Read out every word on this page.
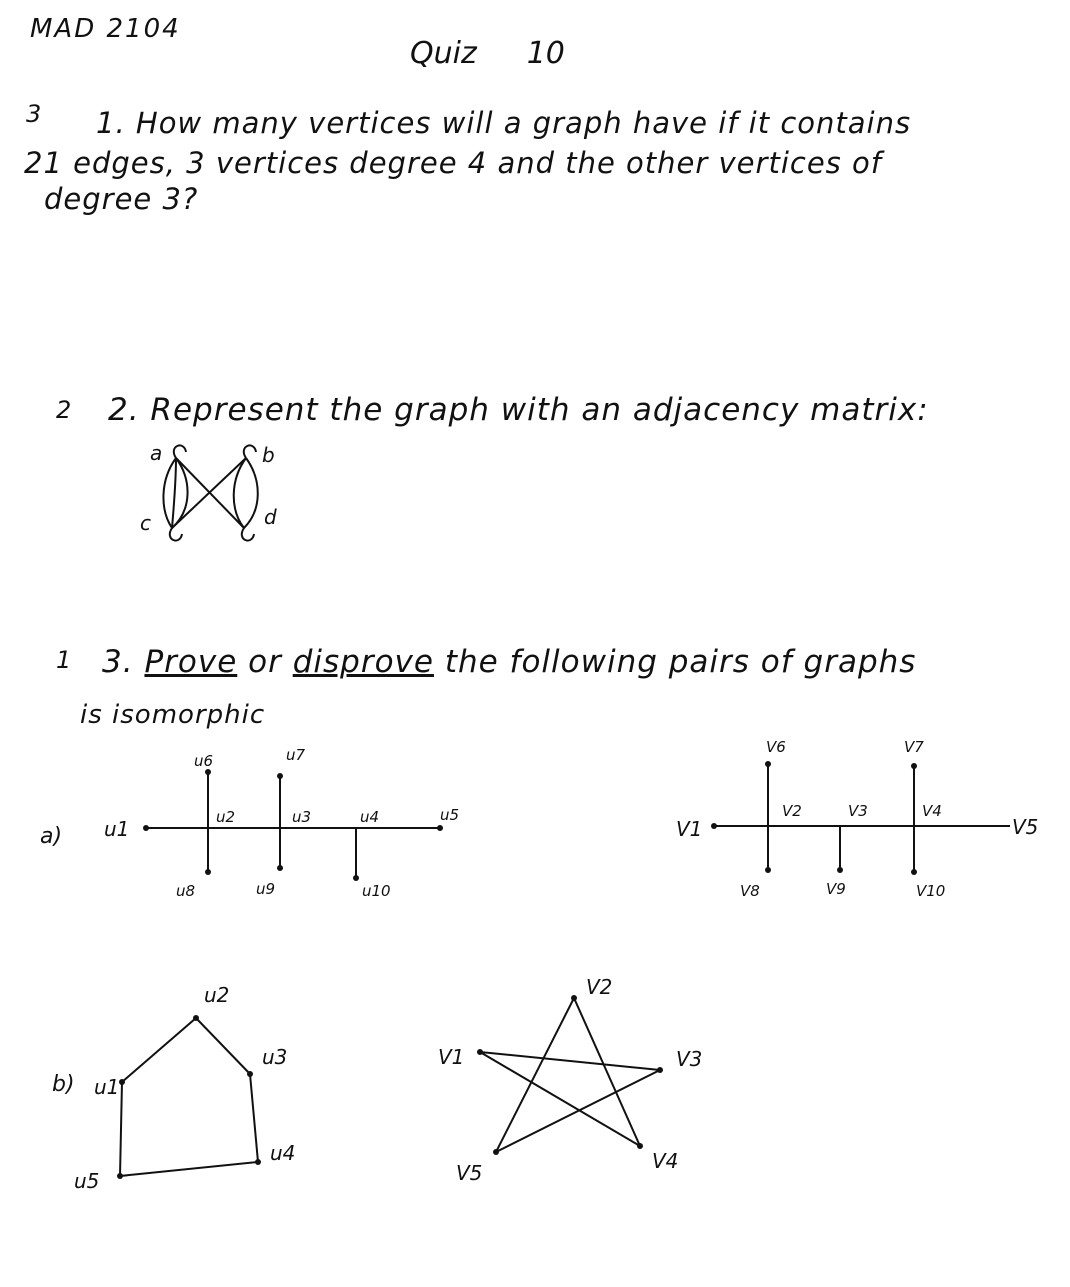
MAD 2104
Quiz 10
3 1. How many vertices will a graph have if it contains
21 edges, 3 vertices degree 4 and the other vertices of
degree 3?
2 2. Represent the graph with an adjacency matrix:
1 3. Prove or disprove the following pairs of graphs
is isomorphic
a)
b)
a	b
c	d
u1	u2	u3	u4	u5
u6	u7
u8	u9	u10
V1
V2	V3	V4
V5
V6	V7
V8	V9	V10
u1
u2
u3
u4
u5
V1
V2
V3
V4
V5
